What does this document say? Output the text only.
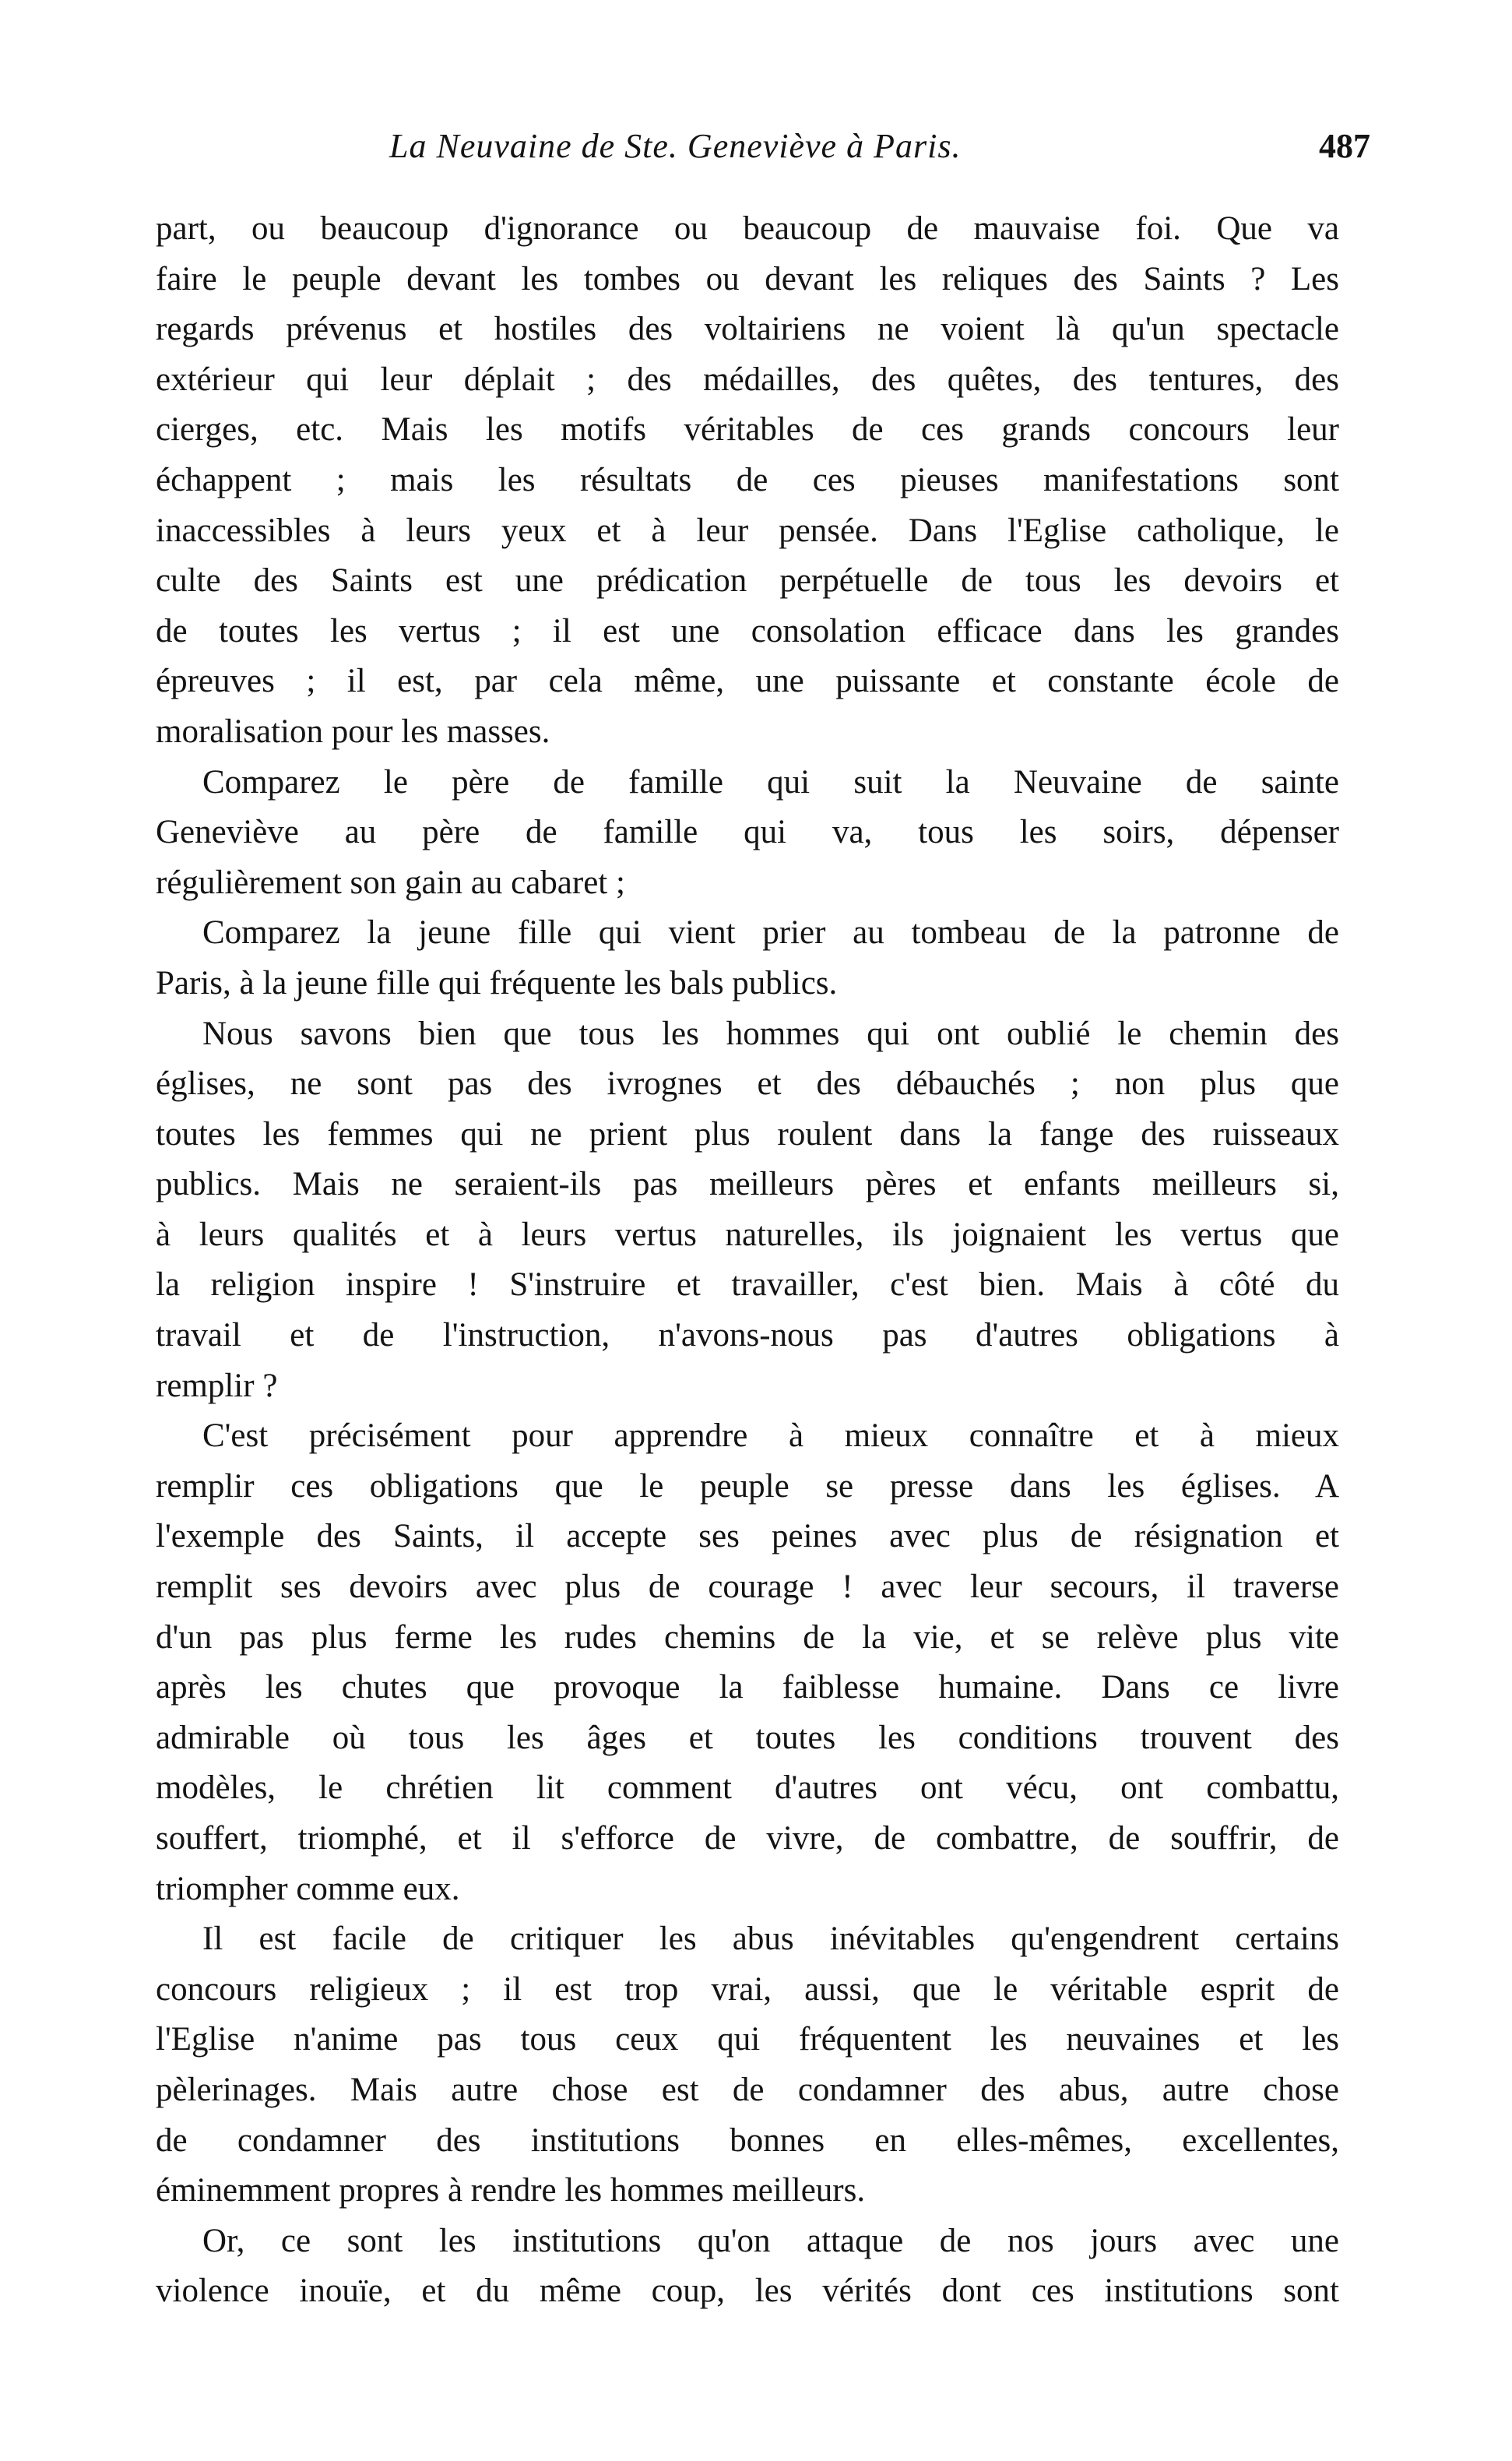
La Neuvaine de Ste. Geneviève à Paris.	487
part, ou beaucoup d'ignorance ou beaucoup de mauvaise foi. Que va
faire le peuple devant les tombes ou devant les reliques des Saints ? Les
regards prévenus et hostiles des voltairiens ne voient là qu'un spectacle
extérieur qui leur déplait ; des médailles, des quêtes, des tentures, des
cierges, etc. Mais les motifs véritables de ces grands concours leur
échappent ; mais les résultats de ces pieuses manifestations sont
inaccessibles à leurs yeux et à leur pensée. Dans l'Eglise catholique, le
culte des Saints est une prédication perpétuelle de tous les devoirs et
de toutes les vertus ; il est une consolation efficace dans les grandes
épreuves ; il est, par cela même, une puissante et constante école de
moralisation pour les masses.
Comparez le père de famille qui suit la Neuvaine de sainte
Geneviève au père de famille qui va, tous les soirs, dépenser
régulièrement son gain au cabaret ;
Comparez la jeune fille qui vient prier au tombeau de la patronne de
Paris, à la jeune fille qui fréquente les bals publics.
Nous savons bien que tous les hommes qui ont oublié le chemin des
églises, ne sont pas des ivrognes et des débauchés ; non plus que
toutes les femmes qui ne prient plus roulent dans la fange des ruisseaux
publics. Mais ne seraient-ils pas meilleurs pères et enfants meilleurs si,
à leurs qualités et à leurs vertus naturelles, ils joignaient les vertus que
la religion inspire ! S'instruire et travailler, c'est bien. Mais à côté du
travail et de l'instruction, n'avons-nous pas d'autres obligations à
remplir ?
C'est précisément pour apprendre à mieux connaître et à mieux
remplir ces obligations que le peuple se presse dans les églises. A
l'exemple des Saints, il accepte ses peines avec plus de résignation et
remplit ses devoirs avec plus de courage ! avec leur secours, il traverse
d'un pas plus ferme les rudes chemins de la vie, et se relève plus vite
après les chutes que provoque la faiblesse humaine. Dans ce livre
admirable où tous les âges et toutes les conditions trouvent des
modèles, le chrétien lit comment d'autres ont vécu, ont combattu,
souffert, triomphé, et il s'efforce de vivre, de combattre, de souffrir, de
triompher comme eux.
Il est facile de critiquer les abus inévitables qu'engendrent certains
concours religieux ; il est trop vrai, aussi, que le véritable esprit de
l'Eglise n'anime pas tous ceux qui fréquentent les neuvaines et les
pèlerinages. Mais autre chose est de condamner des abus, autre chose
de condamner des institutions bonnes en elles-mêmes, excellentes,
éminemment propres à rendre les hommes meilleurs.
Or, ce sont les institutions qu'on attaque de nos jours avec une
violence inouïe, et du même coup, les vérités dont ces institutions sont
